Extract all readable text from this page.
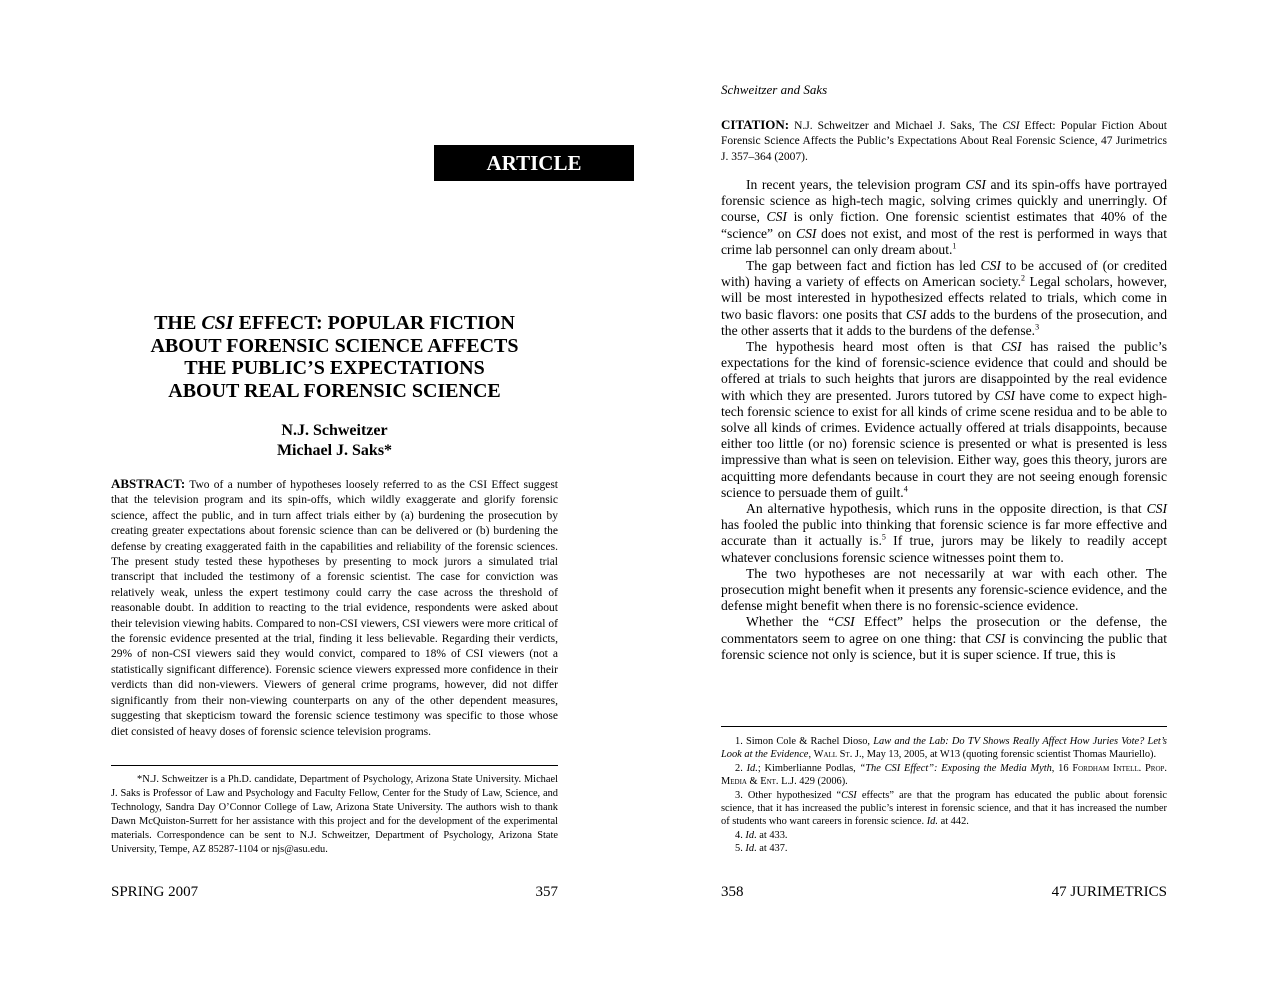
ARTICLE
THE CSI EFFECT: POPULAR FICTION
ABOUT FORENSIC SCIENCE AFFECTS
THE PUBLIC’S EXPECTATIONS
ABOUT REAL FORENSIC SCIENCE
N.J. Schweitzer
Michael J. Saks*
ABSTRACT: Two of a number of hypotheses loosely referred to as the CSI Effect suggest that the television program and its spin-offs, which wildly exaggerate and glorify forensic science, affect the public, and in turn affect trials either by (a) burdening the prosecution by creating greater expectations about forensic science than can be delivered or (b) burdening the defense by creating exaggerated faith in the capabilities and reliability of the forensic sciences. The present study tested these hypotheses by presenting to mock jurors a simulated trial transcript that included the testimony of a forensic scientist. The case for conviction was relatively weak, unless the expert testimony could carry the case across the threshold of reasonable doubt. In addition to reacting to the trial evidence, respondents were asked about their television viewing habits. Compared to non-CSI viewers, CSI viewers were more critical of the forensic evidence presented at the trial, finding it less believable. Regarding their verdicts, 29% of non-CSI viewers said they would convict, compared to 18% of CSI viewers (not a statistically significant difference). Forensic science viewers expressed more confidence in their verdicts than did non-viewers. Viewers of general crime programs, however, did not differ significantly from their non-viewing counterparts on any of the other dependent measures, suggesting that skepticism toward the forensic science testimony was specific to those whose diet consisted of heavy doses of forensic science television programs.

*N.J. Schweitzer is a Ph.D. candidate, Department of Psychology, Arizona State University. Michael J. Saks is Professor of Law and Psychology and Faculty Fellow, Center for the Study of Law, Science, and Technology, Sandra Day O’Connor College of Law, Arizona State University. The authors wish to thank Dawn McQuiston-Surrett for her assistance with this project and for the development of the experimental materials. Correspondence can be sent to N.J. Schweitzer, Department of Psychology, Arizona State University, Tempe, AZ 85287-1104 or njs@asu.edu.

SPRING 2007	357
Schweitzer and Saks
CITATION: N.J. Schweitzer and Michael J. Saks, The CSI Effect: Popular Fiction About Forensic Science Affects the Public’s Expectations About Real Forensic Science, 47 Jurimetrics J. 357–364 (2007).

In recent years, the television program CSI and its spin-offs have portrayed forensic science as high-tech magic, solving crimes quickly and unerringly. Of course, CSI is only fiction. One forensic scientist estimates that 40% of the “science” on CSI does not exist, and most of the rest is performed in ways that crime lab personnel can only dream about.$^1$

The gap between fact and fiction has led CSI to be accused of (or credited with) having a variety of effects on American society.$^2$ Legal scholars, however, will be most interested in hypothesized effects related to trials, which come in two basic flavors: one posits that CSI adds to the burdens of the prosecution, and the other asserts that it adds to the burdens of the defense.$^3$

The hypothesis heard most often is that CSI has raised the public’s expectations for the kind of forensic-science evidence that could and should be offered at trials to such heights that jurors are disappointed by the real evidence with which they are presented. Jurors tutored by CSI have come to expect high-tech forensic science to exist for all kinds of crime scene residua and to be able to solve all kinds of crimes. Evidence actually offered at trials disappoints, because either too little (or no) forensic science is presented or what is presented is less impressive than what is seen on television. Either way, goes this theory, jurors are acquitting more defendants because in court they are not seeing enough forensic science to persuade them of guilt.$^4$

An alternative hypothesis, which runs in the opposite direction, is that CSI has fooled the public into thinking that forensic science is far more effective and accurate than it actually is.$^5$ If true, jurors may be likely to readily accept whatever conclusions forensic science witnesses point them to.

The two hypotheses are not necessarily at war with each other. The prosecution might benefit when it presents any forensic-science evidence, and the defense might benefit when there is no forensic-science evidence.

Whether the “CSI Effect” helps the prosecution or the defense, the commentators seem to agree on one thing: that CSI is convincing the public that forensic science not only is science, but it is super science. If true, this is

1. Simon Cole & Rachel Dioso, Law and the Lab: Do TV Shows Really Affect How Juries Vote? Let’s Look at the Evidence, Wall St. J., May 13, 2005, at W13 (quoting forensic scientist Thomas Mauriello).

2. Id.; Kimberlianne Podlas, “The CSI Effect”: Exposing the Media Myth, 16 Fordham Intell. Prop. Media & Ent. L.J. 429 (2006).

3. Other hypothesized “CSI effects” are that the program has educated the public about forensic science, that it has increased the public’s interest in forensic science, and that it has increased the number of students who want careers in forensic science. Id. at 442.

4. Id. at 433.

5. Id. at 437.

358	47 JURIMETRICS
